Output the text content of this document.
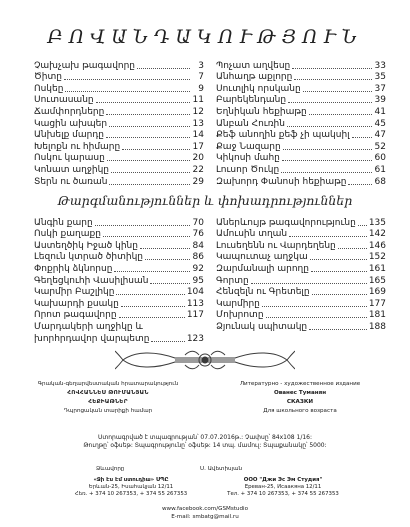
ԲՈՎԱՆԴԱԿՈՒԹՅՈՒՆ
Չախչախ թագավորը	3
Ծիտը	7
Ոսկեը	9
Սուտասանը	11
Ճամփորդները	12
Կացին ախպեր	13
Անխելք մարդը	14
Խելոքն ու հիմարը	17
Ոսկու կարասը	20
Կոնատ աղջիկը	22
Տերն ու ծառան	29
Պոչատ աղվեսը	33
Անհաղթ աքլորը	35
Սուտլիկ որսկանը	37
Բարեկենդանը	39
Եղնիկան հեքիաթը	41
Անբան Հուռին	45
Քեֆ անողին քեֆ չի պակսիլ	47
Քաջ Նազարը	52
Կիկոսի մահը	60
Լուսոր Ծուկը	61
Զախորդ Փանոսի հեքիաթը	68
Թարգմանություններ և փոխադրություններ
Անգին քարը	70
Ոսկի քաղաքը	76
Աստեղծիկ Իջած կինը	84
Լեզուն կտրած ծիտիկը	86
Փոքրիկ ձկնորսը	92
Գեղեցկուհի Վասիլիսան	95
Կարմիր Բաշլիկը	104
Կախարդի քսակը	113
Որոտ թագավորը	117
Մարդակերի աղջիկը և
խորհրդավոր վարպետը	123
Աներևույթ թագավորությունը 135
Ամուսին տղան	142
Լուսեղենն ու Վարդեղենը	146
Կապուտաչ աղջկա	152
Զարմանալի արողը	161
Գորտը	165
Հենզելն ու Գրետելը	169
Կարմիրը	177
Մոխրոտը	181
Ձյունակ սպիտակը	188
Գրական-գեղարվեստական հրատարակություն
ՀՈՎՀԱՆՆԵՍ ԹՈՒՄԱՆՅԱՆ
ՀԵՔԻԱԹՆԵՐ
Դպրոցական տարիքի համար
Литературно - художественное издание
Ованес Туманян
СКАЗКИ
Для школьного возраста
Ստորագրված է տպագրության՝ 07.07.2016թ.: Չափսը՝ 84x108 1/16:
Թուղթը՝ օֆսեթ: Տպագրությունը՝ օֆսեթ: 14 տպ. մամուլ: Տպաքանակը՝ 5000:
Ձևավորը	Ս. Ավետիսյան
«Ջի Էս Էմ ստուդիա» ՍՊԸ
Երևան-25, Իսահակյան 12/11
Հեռ. + 374 10 267353, + 374 55 267353
ООО "Джи Эс Эм Студия"
Ереван-25, Исаакяна 12/11
Тел. + 374 10 267353, + 374 55 267353
www.facebook.com/GSMstudio
E-mail: smbatg@mail.ru
